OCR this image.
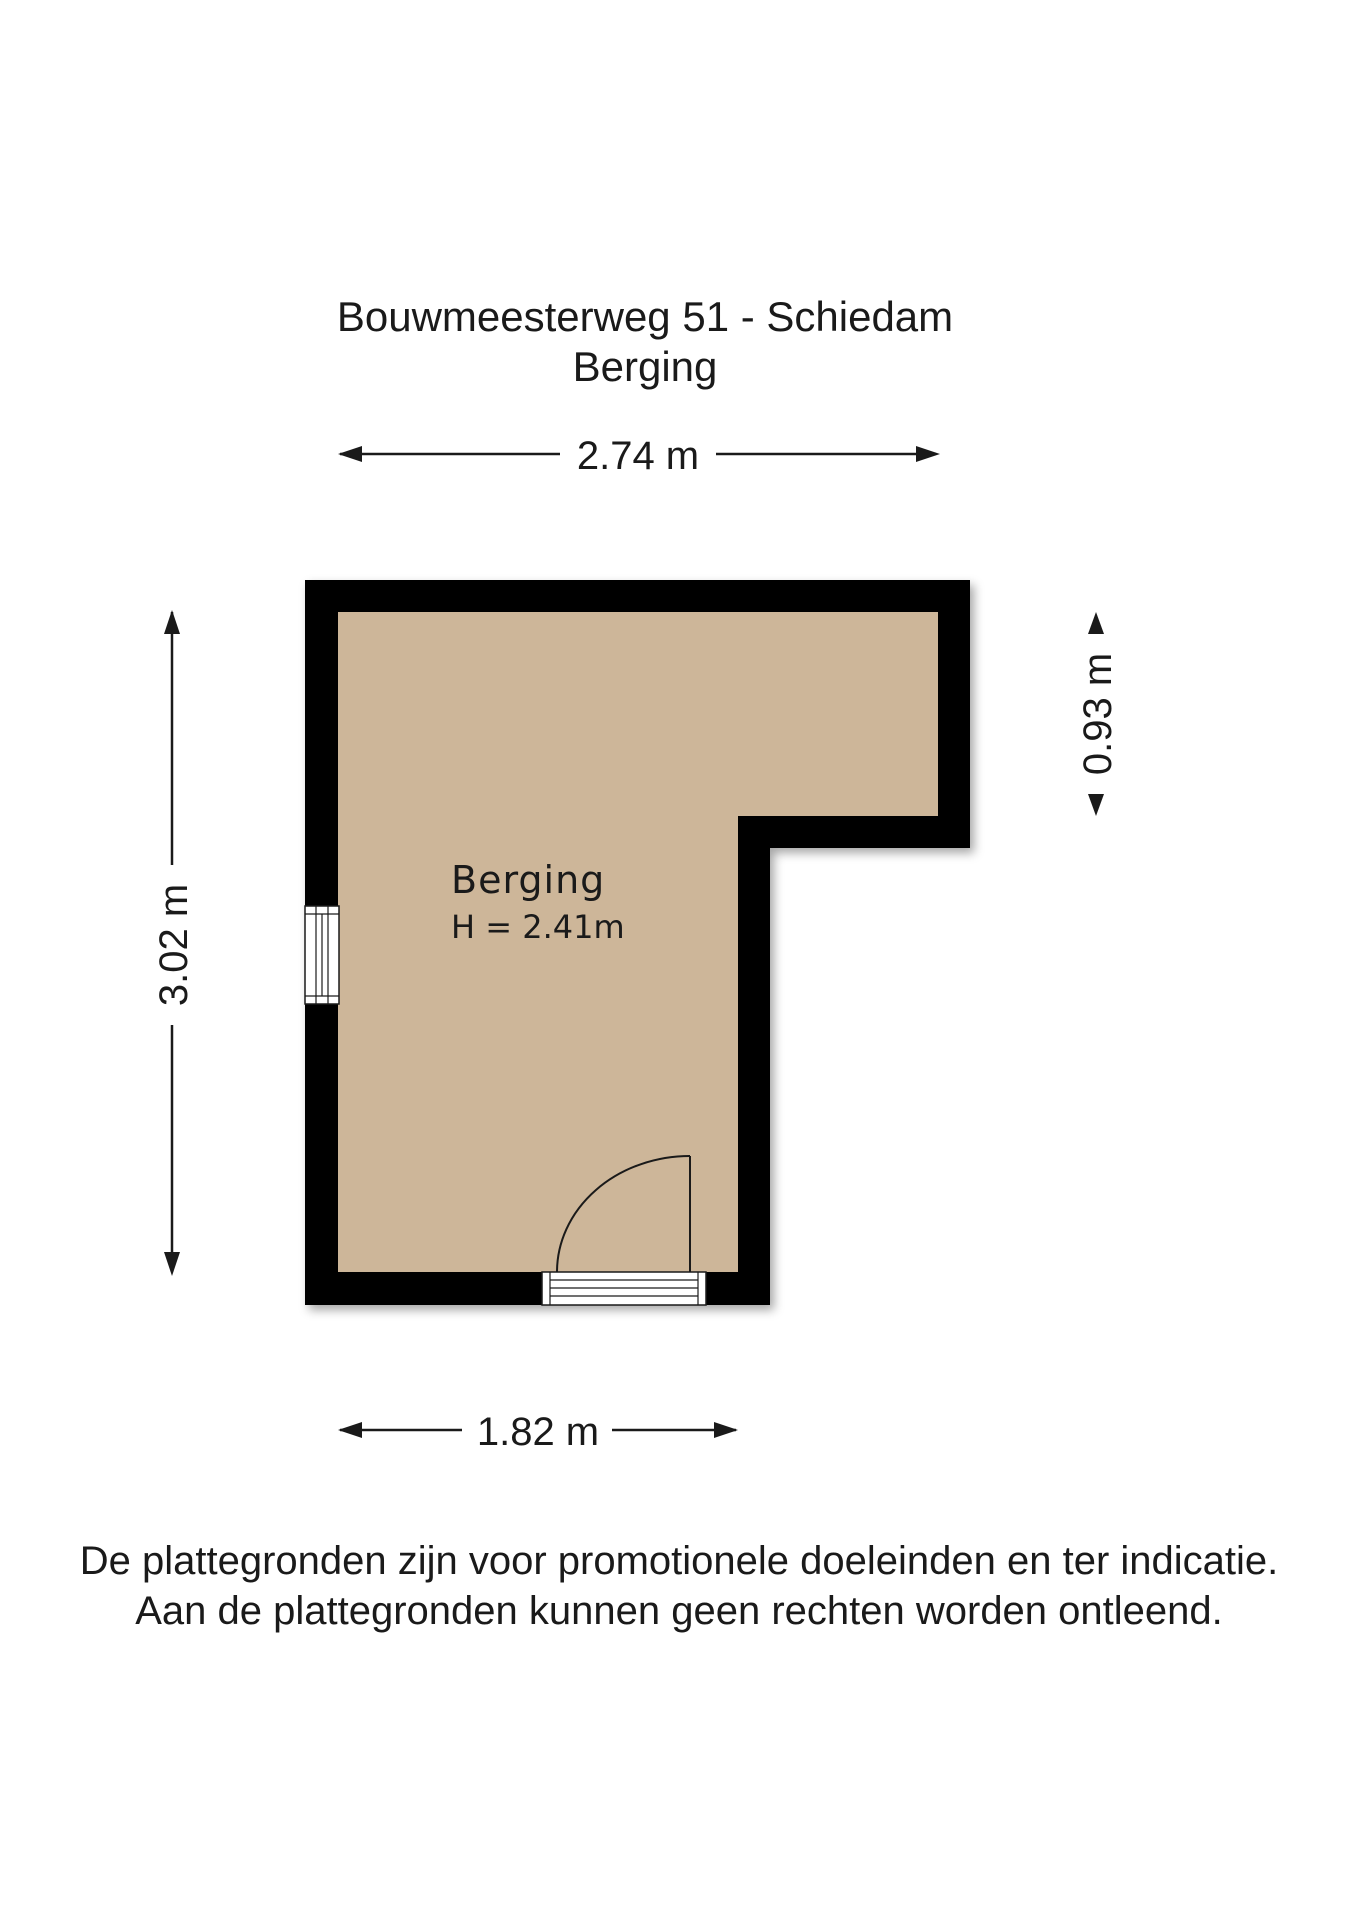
Bouwmeesterweg 51 - Schiedam
Berging
2.74 m
3.02 m
0.93 m
1.82 m
Berging
H = 2.41m
De plattegronden zijn voor promotionele doeleinden en ter indicatie.
Aan de plattegronden kunnen geen rechten worden ontleend.
